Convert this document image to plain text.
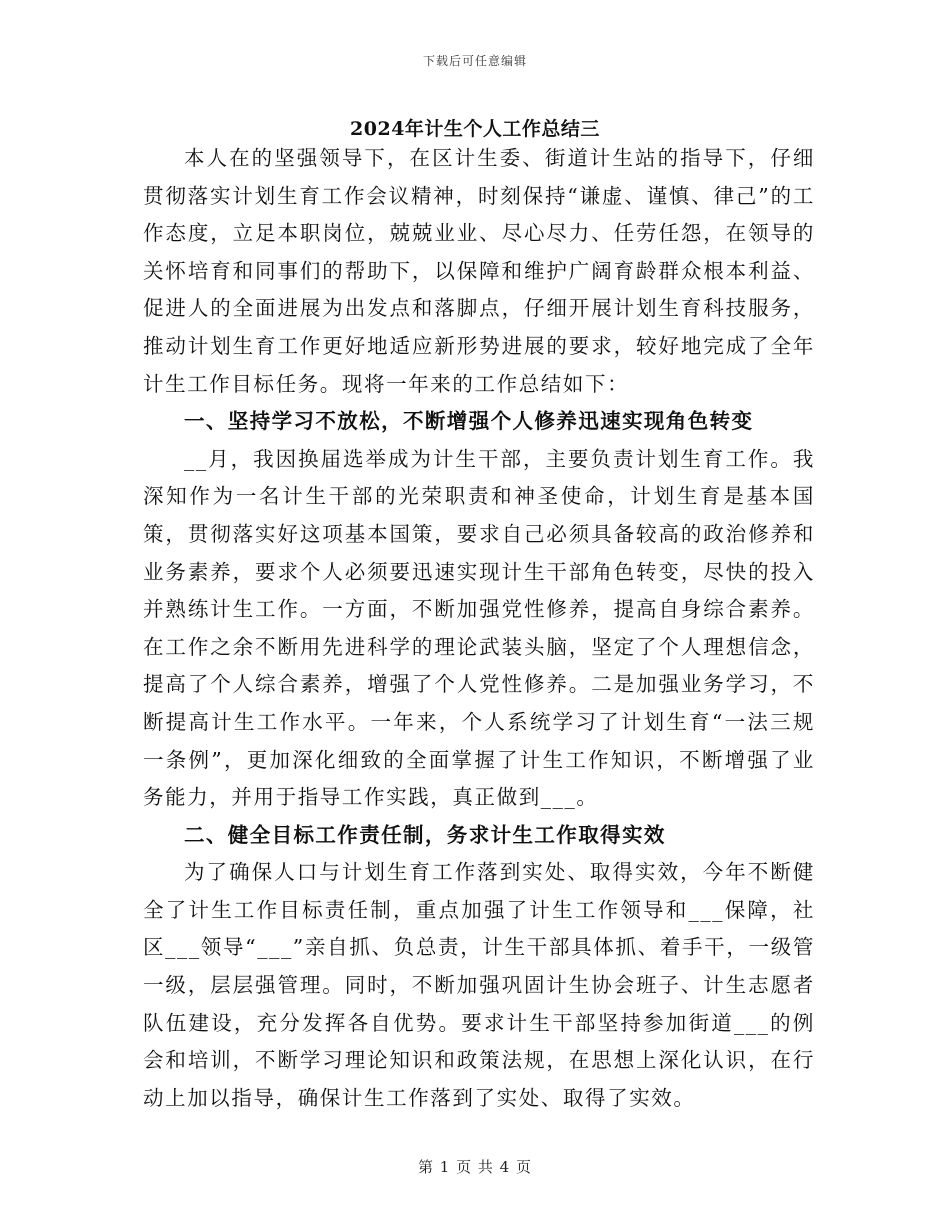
下载后可任意编辑
2024年计生个人工作总结三

本人在的坚强领导下，在区计生委、街道计生站的指导下，仔细贯彻落实计划生育工作会议精神，时刻保持“谦虚、谨慎、律己”的工作态度，立足本职岗位，兢兢业业、尽心尽力、任劳任怨，在领导的关怀培育和同事们的帮助下，以保障和维护广阔育龄群众根本利益、促进人的全面进展为出发点和落脚点，仔细开展计划生育科技服务，推动计划生育工作更好地适应新形势进展的要求，较好地完成了全年计生工作目标任务。现将一年来的工作总结如下：

一、坚持学习不放松，不断增强个人修养迅速实现角色转变

__月，我因换届选举成为计生干部，主要负责计划生育工作。我深知作为一名计生干部的光荣职责和神圣使命，计划生育是基本国策，贯彻落实好这项基本国策，要求自己必须具备较高的政治修养和业务素养，要求个人必须要迅速实现计生干部角色转变，尽快的投入并熟练计生工作。一方面，不断加强党性修养，提高自身综合素养。在工作之余不断用先进科学的理论武装头脑，坚定了个人理想信念，提高了个人综合素养，增强了个人党性修养。二是加强业务学习，不断提高计生工作水平。一年来，个人系统学习了计划生育“一法三规一条例”，更加深化细致的全面掌握了计生工作知识，不断增强了业务能力，并用于指导工作实践，真正做到___。

二、健全目标工作责任制，务求计生工作取得实效

为了确保人口与计划生育工作落到实处、取得实效，今年不断健全了计生工作目标责任制，重点加强了计生工作领导和___保障，社区___领导“___”亲自抓、负总责，计生干部具体抓、着手干，一级管一级，层层强管理。同时，不断加强巩固计生协会班子、计生志愿者队伍建设，充分发挥各自优势。要求计生干部坚持参加街道___的例会和培训，不断学习理论知识和政策法规，在思想上深化认识，在行动上加以指导，确保计生工作落到了实处、取得了实效。

第 1 页 共 4 页
